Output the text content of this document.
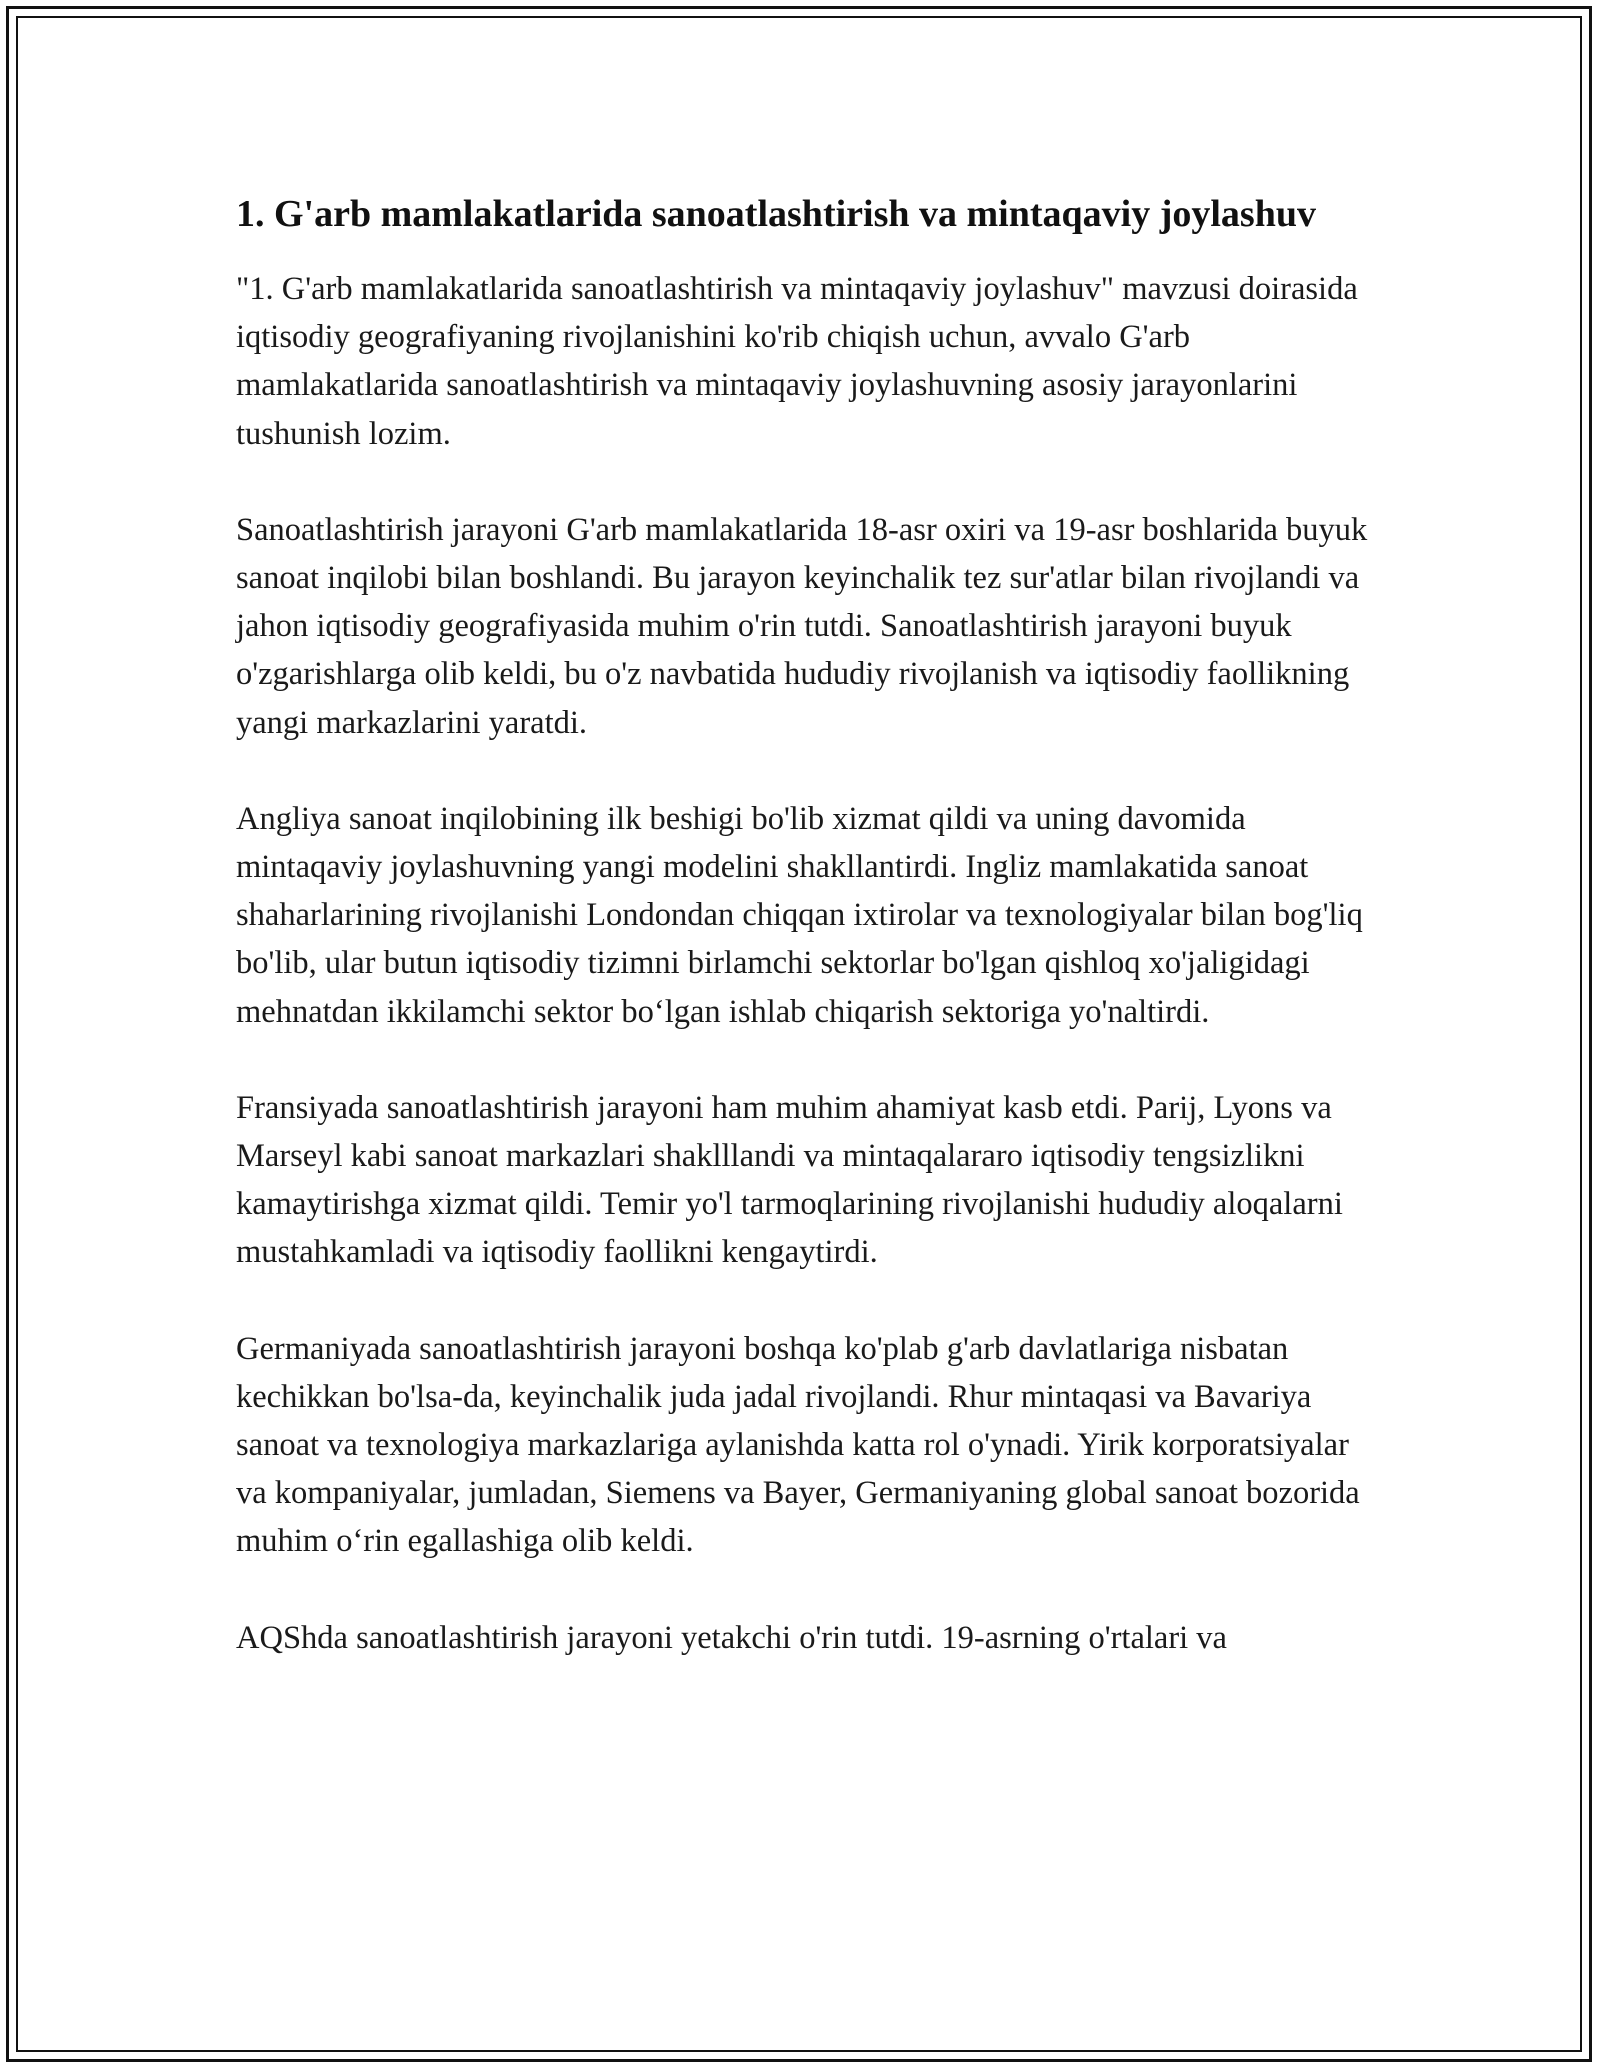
1. G'arb mamlakatlarida sanoatlashtirish va mintaqaviy joylashuv

"1. G'arb mamlakatlarida sanoatlashtirish va mintaqaviy joylashuv" mavzusi doirasida iqtisodiy geografiyaning rivojlanishini ko'rib chiqish uchun, avvalo G'arb mamlakatlarida sanoatlashtirish va mintaqaviy joylashuvning asosiy jarayonlarini tushunish lozim.

Sanoatlashtirish jarayoni G'arb mamlakatlarida 18-asr oxiri va 19-asr boshlarida buyuk sanoat inqilobi bilan boshlandi. Bu jarayon keyinchalik tez sur'atlar bilan rivojlandi va jahon iqtisodiy geografiyasida muhim o'rin tutdi. Sanoatlashtirish jarayoni buyuk o'zgarishlarga olib keldi, bu o'z navbatida hududiy rivojlanish va iqtisodiy faollikning yangi markazlarini yaratdi.

Angliya sanoat inqilobining ilk beshigi bo'lib xizmat qildi va uning davomida mintaqaviy joylashuvning yangi modelini shakllantirdi. Ingliz mamlakatida sanoat shaharlarining rivojlanishi Londondan chiqqan ixtirolar va texnologiyalar bilan bog'liq bo'lib, ular butun iqtisodiy tizimni birlamchi sektorlar bo'lgan qishloq xo'jaligidagi mehnatdan ikkilamchi sektor bo‘lgan ishlab chiqarish sektoriga yo'naltirdi.

Fransiyada sanoatlashtirish jarayoni ham muhim ahamiyat kasb etdi. Parij, Lyons va Marseyl kabi sanoat markazlari shaklllandi va mintaqalararo iqtisodiy tengsizlikni kamaytirishga xizmat qildi. Temir yo'l tarmoqlarining rivojlanishi hududiy aloqalarni mustahkamladi va iqtisodiy faollikni kengaytirdi.

Germaniyada sanoatlashtirish jarayoni boshqa ko'plab g'arb davlatlariga nisbatan kechikkan bo'lsa-da, keyinchalik juda jadal rivojlandi. Rhur mintaqasi va Bavariya sanoat va texnologiya markazlariga aylanishda katta rol o'ynadi. Yirik korporatsiyalar va kompaniyalar, jumladan, Siemens va Bayer, Germaniyaning global sanoat bozorida muhim o‘rin egallashiga olib keldi.

AQShda sanoatlashtirish jarayoni yetakchi o'rin tutdi. 19-asrning o'rtalari va
